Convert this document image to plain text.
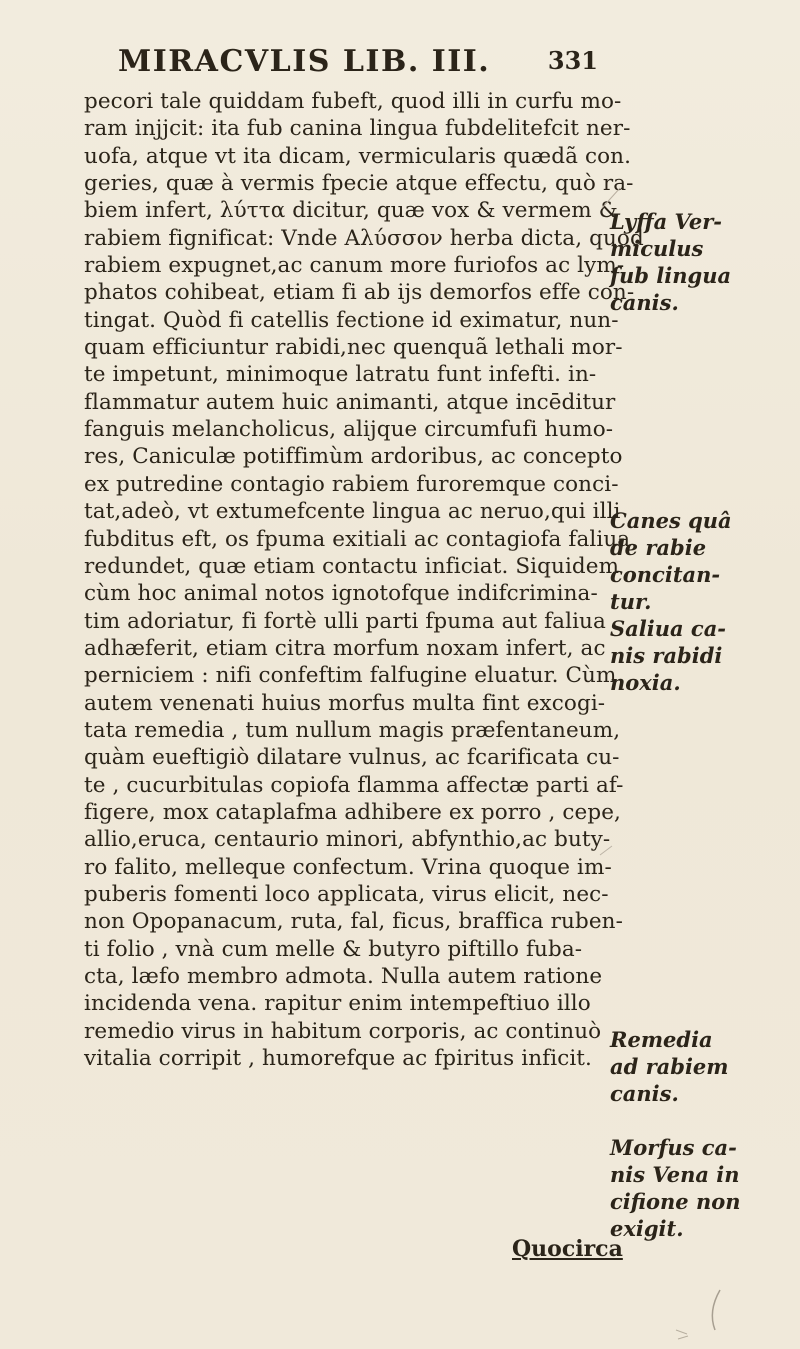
MIRACVLIS LIB. III. 331
pecori tale quiddam fubeft, quod illi in curfu mo-
ram injjcit: ita fub canina lingua fubdelitefcit ner-
uofa, atque vt ita dicam, vermicularis quædã con.
geries, quæ à vermis fpecie atque effectu, quò ra-
biem infert, λύττα dicitur, quæ vox & vermem &
rabiem fignificat: Vnde Αλύσσον herba dicta, quod
rabiem expugnet,ac canum more furiofos ac lym-
phatos cohibeat, etiam fi ab ijs demorfos effe con-
tingat. Quòd fi catellis fectione id eximatur, nun-
quam efficiuntur rabidi,nec quenquã lethali mor-
te impetunt, minimoque latratu funt infefti. in-
flammatur autem huic animanti, atque incēditur
fanguis melancholicus, alijque circumfufi humo-
res, Caniculæ potiffimùm ardoribus, ac concepto
ex putredine contagio rabiem furoremque conci-
tat,adeò, vt extumefcente lingua ac neruo,qui illi
fubditus eft, os fpuma exitiali ac contagiofa faliua
redundet, quæ etiam contactu inficiat. Siquidem
cùm hoc animal notos ignotofque indifcrimina-
tim adoriatur, fi fortè ulli parti fpuma aut faliua
adhæferit, etiam citra morfum noxam infert, ac
perniciem : nifi confeftim falfugine eluatur. Cùm
autem venenati huius morfus multa fint excogi-
tata remedia , tum nullum magis præfentaneum,
quàm eueftigiò dilatare vulnus, ac fcarificata cu-
te , cucurbitulas copiofa flamma affectæ parti af-
figere, mox cataplafma adhibere ex porro , cepe,
allio,eruca, centaurio minori, abfynthio,ac buty-
ro falito, melleque confectum. Vrina quoque im-
puberis fomenti loco applicata, virus elicit, nec-
non Opopanacum, ruta, fal, ficus, braffica ruben-
ti folio , vnà cum melle & butyro piftillo fuba-
cta, læfo membro admota. Nulla autem ratione
incidenda vena. rapitur enim intempeftiuo illo
remedio virus in habitum corporis, ac continuò
vitalia corripit , humorefque ac fpiritus inficit.
Lyffa Ver-
miculus
fub lingua
canis.
Canes quâ
de rabie
concitan-
tur.
Saliua ca-
nis rabidi
noxia.
Remedia
ad rabiem
canis.
Morfus ca-
nis Vena in
cifione non
exigit.
Quocirca
